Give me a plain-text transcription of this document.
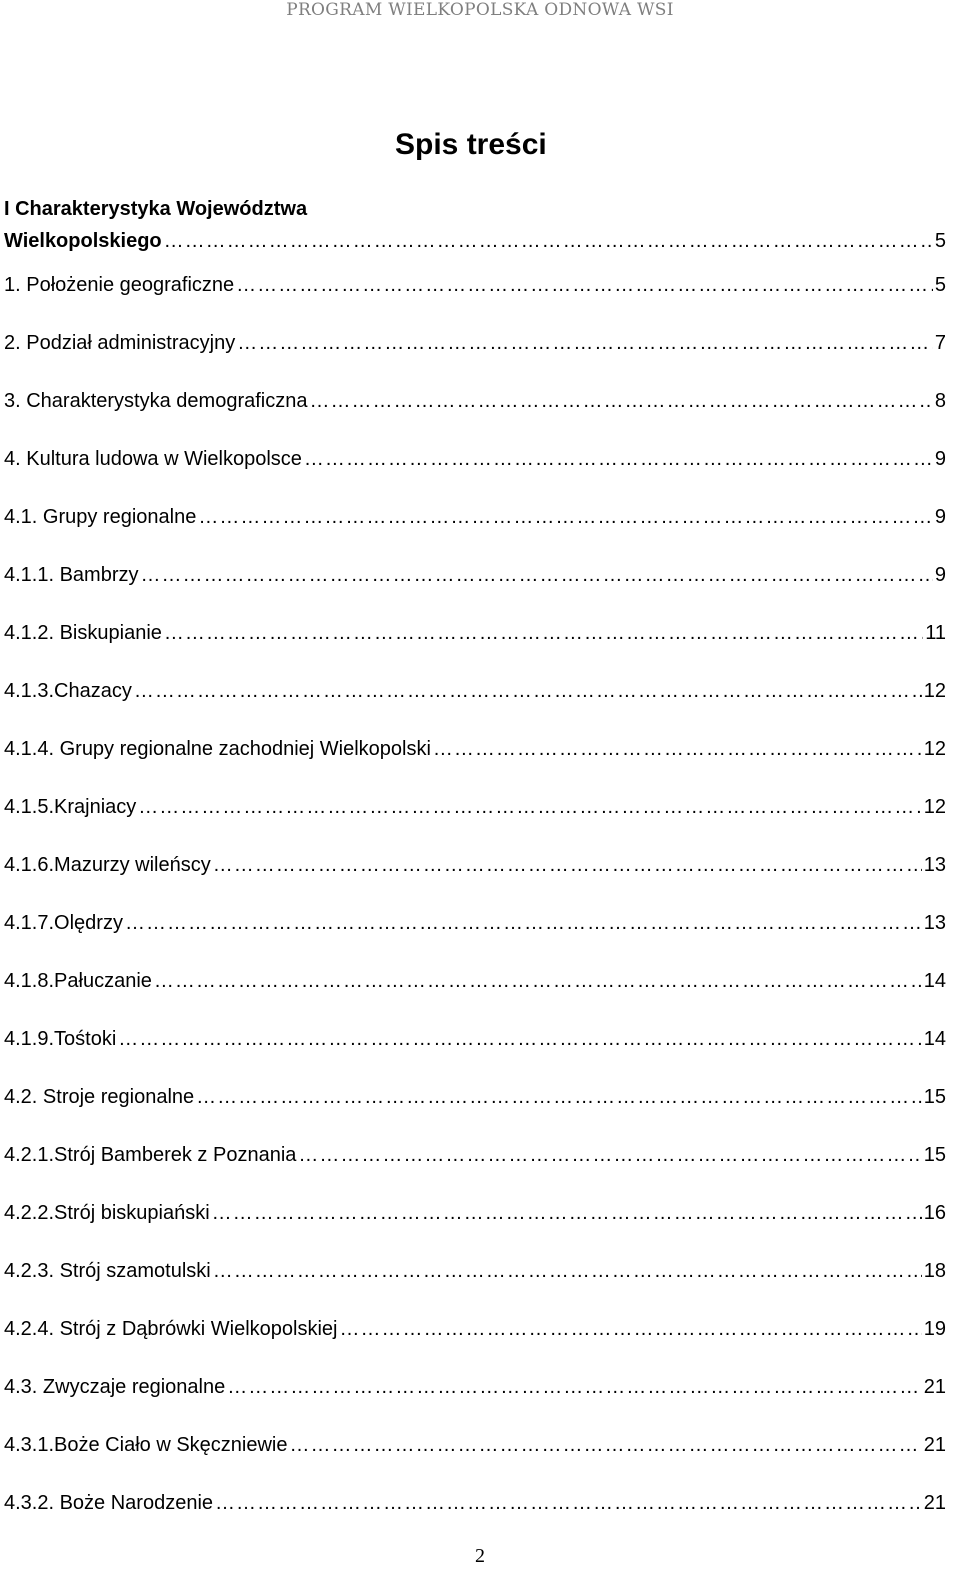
PROGRAM WIELKOPOLSKA ODNOWA WSI
Spis treści
I Charakterystyka Województwa
Wielkopolskiego ………………………………………………………………………………………………………………………………………………………………………………………………………………………………………………	5
1. Położenie geograficzne ………………………………………………………………………………………………………………………………………………………………………………………………………………………………………………	5
2. Podział administracyjny ………………………………………………………………………………………………………………………………………………………………………………………………………………………………………………	7
3. Charakterystyka demograficzna ………………………………………………………………………………………………………………………………………………………………………………………………………………………………………………	8
4. Kultura ludowa w Wielkopolsce ………………………………………………………………………………………………………………………………………………………………………………………………………………………………………………	9
4.1. Grupy regionalne ………………………………………………………………………………………………………………………………………………………………………………………………………………………………………………	9
4.1.1. Bambrzy ………………………………………………………………………………………………………………………………………………………………………………………………………………………………………………	9
4.1.2. Biskupianie ………………………………………………………………………………………………………………………………………………………………………………………………………………………………………………	11
4.1.3.Chazacy ………………………………………………………………………………………………………………………………………………………………………………………………………………………………………………	12
4.1.4. Grupy regionalne zachodniej Wielkopolski ………………………………………………………………………………………………………………………………………………………………………………………………………………………………………………	12
4.1.5.Krajniacy ………………………………………………………………………………………………………………………………………………………………………………………………………………………………………………	12
4.1.6.Mazurzy wileńscy ………………………………………………………………………………………………………………………………………………………………………………………………………………………………………………	13
4.1.7.Olędrzy ………………………………………………………………………………………………………………………………………………………………………………………………………………………………………………	13
4.1.8.Pałuczanie ………………………………………………………………………………………………………………………………………………………………………………………………………………………………………………	14
4.1.9.Tośtoki ………………………………………………………………………………………………………………………………………………………………………………………………………………………………………………	14
4.2. Stroje regionalne ………………………………………………………………………………………………………………………………………………………………………………………………………………………………………………	15
4.2.1.Strój Bamberek z Poznania ………………………………………………………………………………………………………………………………………………………………………………………………………………………………………………	15
4.2.2.Strój biskupiański ………………………………………………………………………………………………………………………………………………………………………………………………………………………………………………	16
4.2.3. Strój szamotulski ………………………………………………………………………………………………………………………………………………………………………………………………………………………………………………	18
4.2.4. Strój z Dąbrówki Wielkopolskiej ………………………………………………………………………………………………………………………………………………………………………………………………………………………………………………	19
4.3. Zwyczaje regionalne ………………………………………………………………………………………………………………………………………………………………………………………………………………………………………………	21
4.3.1.Boże Ciało w Skęczniewie ………………………………………………………………………………………………………………………………………………………………………………………………………………………………………………	21
4.3.2. Boże Narodzenie ………………………………………………………………………………………………………………………………………………………………………………………………………………………………………………	21
2
